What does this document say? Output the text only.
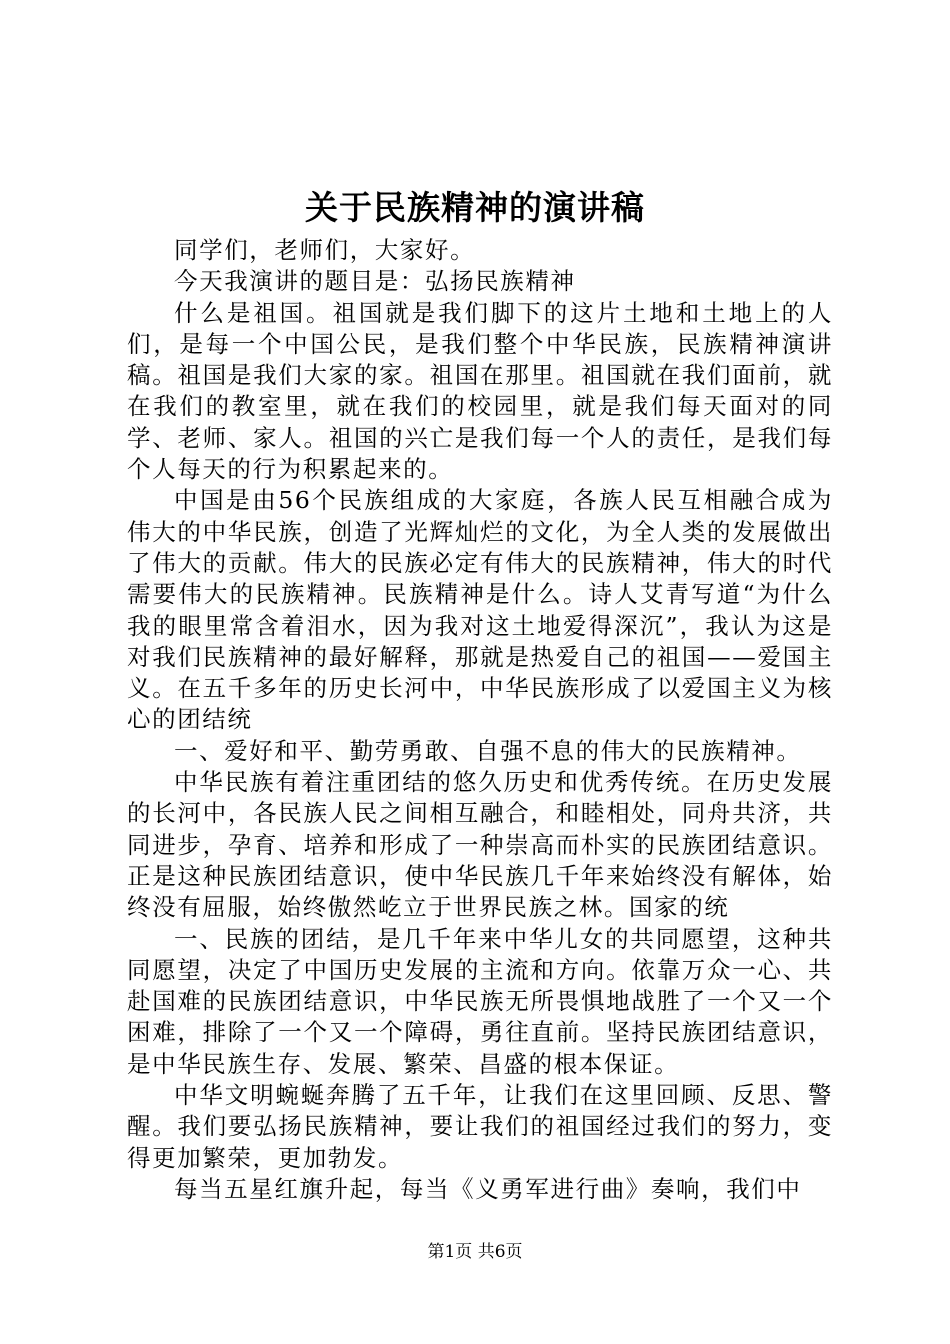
关于民族精神的演讲稿

同学们，老师们，大家好。

今天我演讲的题目是：弘扬民族精神

什么是祖国。祖国就是我们脚下的这片土地和土地上的人们，是每一个中国公民，是我们整个中华民族，民族精神演讲稿。祖国是我们大家的家。祖国在那里。祖国就在我们面前，就在我们的教室里，就在我们的校园里，就是我们每天面对的同学、老师、家人。祖国的兴亡是我们每一个人的责任，是我们每个人每天的行为积累起来的。

中国是由56个民族组成的大家庭，各族人民互相融合成为伟大的中华民族，创造了光辉灿烂的文化，为全人类的发展做出了伟大的贡献。伟大的民族必定有伟大的民族精神，伟大的时代需要伟大的民族精神。民族精神是什么。诗人艾青写道“为什么我的眼里常含着泪水，因为我对这土地爱得深沉”，我认为这是对我们民族精神的最好解释，那就是热爱自己的祖国——爱国主义。在五千多年的历史长河中，中华民族形成了以爱国主义为核心的团结统

一、爱好和平、勤劳勇敢、自强不息的伟大的民族精神。

中华民族有着注重团结的悠久历史和优秀传统。在历史发展的长河中，各民族人民之间相互融合，和睦相处，同舟共济，共同进步，孕育、培养和形成了一种崇高而朴实的民族团结意识。正是这种民族团结意识，使中华民族几千年来始终没有解体，始终没有屈服，始终傲然屹立于世界民族之林。国家的统

一、民族的团结，是几千年来中华儿女的共同愿望，这种共同愿望，决定了中国历史发展的主流和方向。依靠万众一心、共赴国难的民族团结意识，中华民族无所畏惧地战胜了一个又一个困难，排除了一个又一个障碍，勇往直前。坚持民族团结意识，是中华民族生存、发展、繁荣、昌盛的根本保证。

中华文明蜿蜒奔腾了五千年，让我们在这里回顾、反思、警醒。我们要弘扬民族精神，要让我们的祖国经过我们的努力，变得更加繁荣，更加勃发。

每当五星红旗升起，每当《义勇军进行曲》奏响，我们中

第1页 共6页
